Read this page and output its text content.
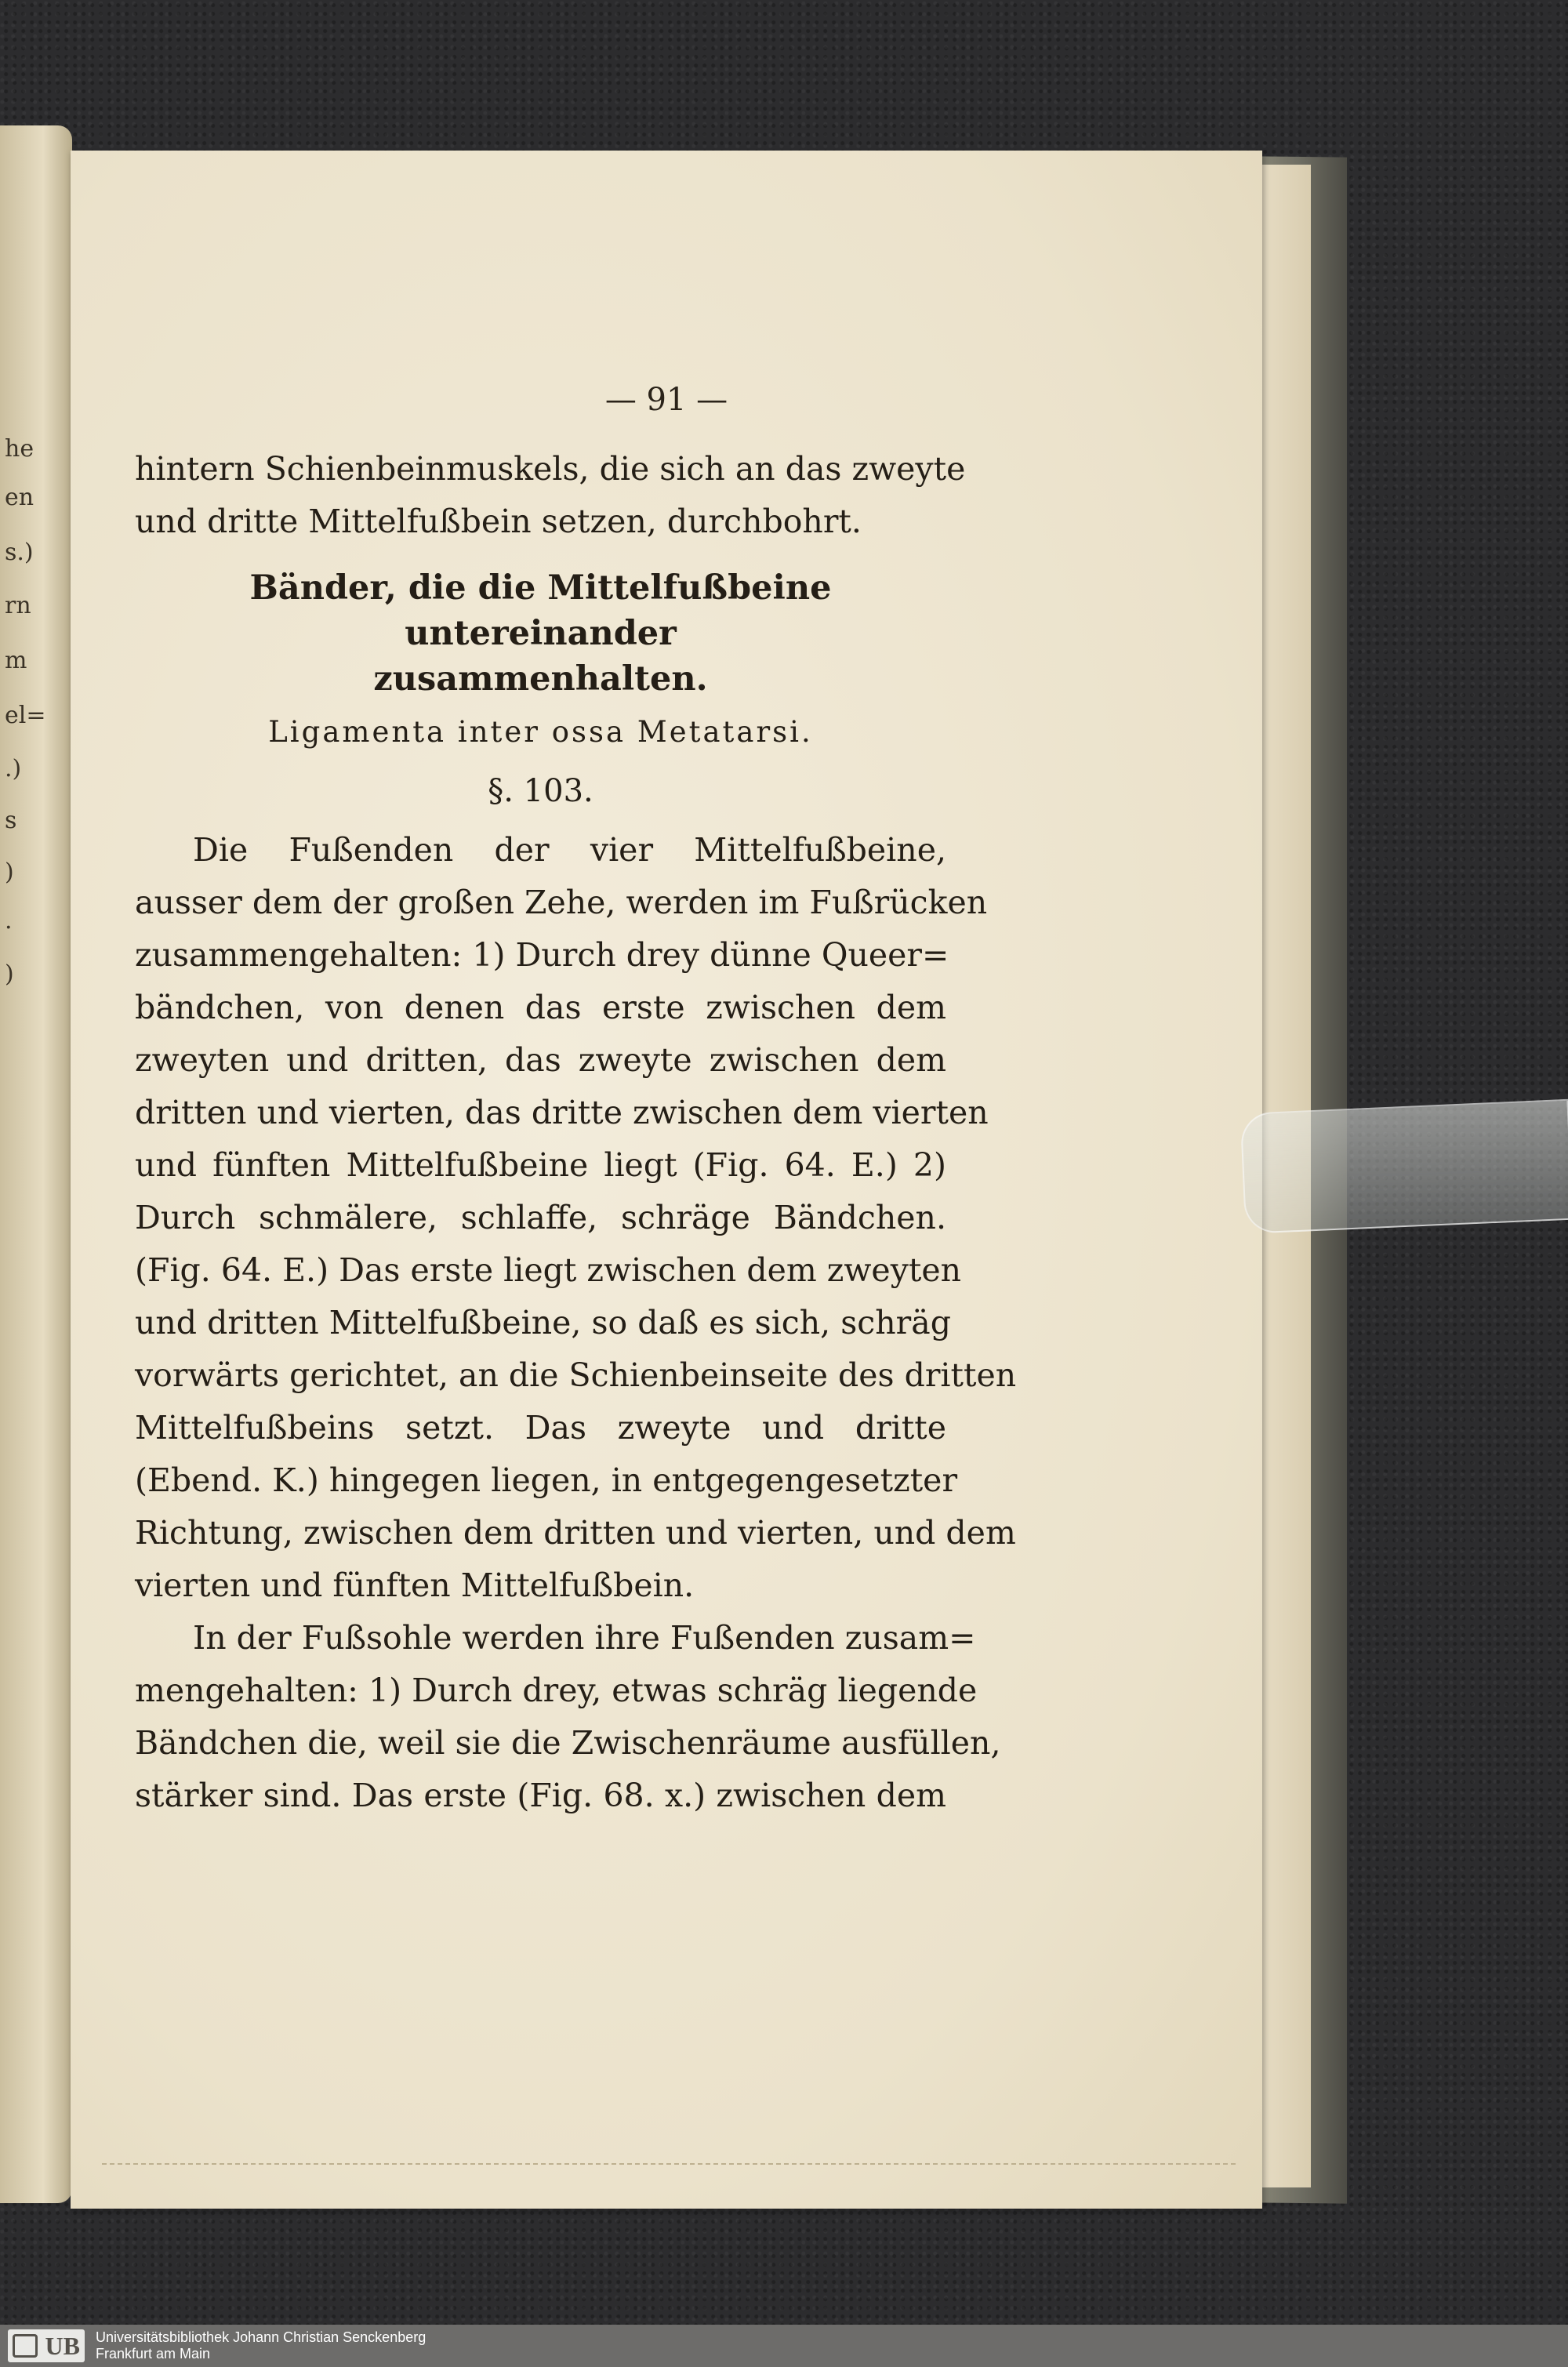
he
en
s.)
rn
m
el=
.)
s
)
.
)
— 91 —
hintern Schienbeinmuskels, die sich an das zweyte
und dritte Mittelfußbein setzen, durchbohrt.
Bänder, die die Mittelfußbeine untereinander
zusammenhalten.
Ligamenta inter ossa Metatarsi.
§. 103.
Die Fußenden der vier Mittelfußbeine,
ausser dem der großen Zehe, werden im Fußrücken
zusammengehalten: 1) Durch drey dünne Queer=
bändchen, von denen das erste zwischen dem
zweyten und dritten, das zweyte zwischen dem
dritten und vierten, das dritte zwischen dem vierten
und fünften Mittelfußbeine liegt (Fig. 64. E.) 2)
Durch schmälere, schlaffe, schräge Bändchen.
(Fig. 64. E.) Das erste liegt zwischen dem zweyten
und dritten Mittelfußbeine, so daß es sich, schräg
vorwärts gerichtet, an die Schienbeinseite des dritten
Mittelfußbeins setzt. Das zweyte und dritte
(Ebend. K.) hingegen liegen, in entgegengesetzter
Richtung, zwischen dem dritten und vierten, und dem
vierten und fünften Mittelfußbein.
In der Fußsohle werden ihre Fußenden zusam=
mengehalten: 1) Durch drey, etwas schräg liegende
Bändchen die, weil sie die Zwischenräume ausfüllen,
stärker sind. Das erste (Fig. 68. x.) zwischen dem
UB	Universitätsbibliothek Johann Christian Senckenberg
Frankfurt am Main
